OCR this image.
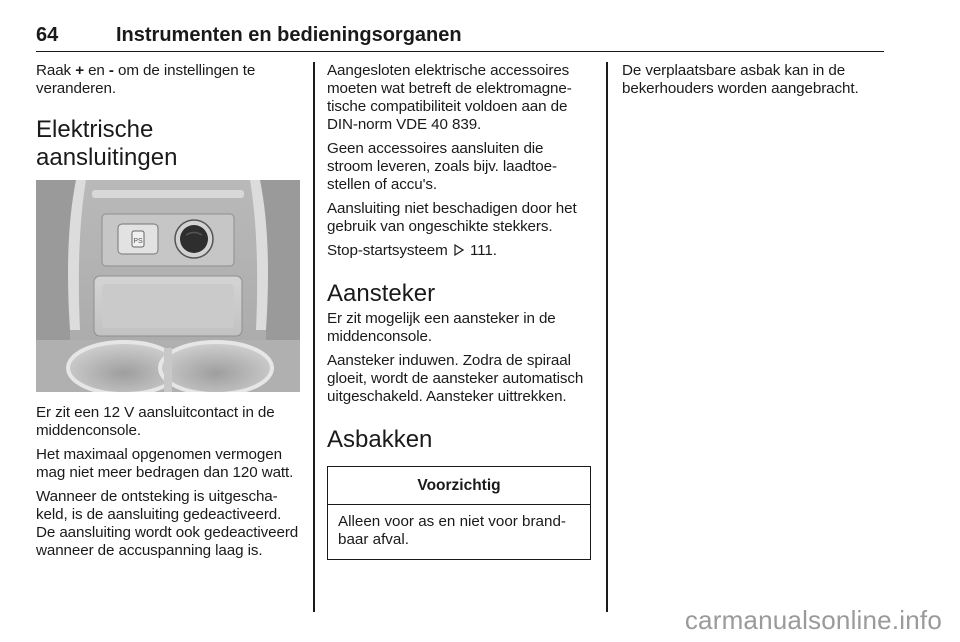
64	Instrumenten en bedieningsorganen

Raak + en - om de instellingen te veranderen.

Elektrische aansluitingen
PS

Er zit een 12 V aansluitcontact in de middenconsole.

Het maximaal opgenomen vermogen mag niet meer bedragen dan 120 watt.

Wanneer de ontsteking is uitgeschakeld, is de aansluiting gedeactiveerd. De aansluiting wordt ook gedeactiveerd wanneer de accuspanning laag is.

Aangesloten elektrische accessoires moeten wat betreft de elektromagnetische compatibiliteit voldoen aan de DIN-norm VDE 40 839.

Geen accessoires aansluiten die stroom leveren, zoals bijv. laadtoestellen of accu's.

Aansluiting niet beschadigen door het gebruik van ongeschikte stekkers.

Stop-startsysteem 111.

Aansteker

Er zit mogelijk een aansteker in de middenconsole.

Aansteker induwen. Zodra de spiraal gloeit, wordt de aansteker automatisch uitgeschakeld. Aansteker uittrekken.

Asbakken
Voorzichtig
Alleen voor as en niet voor brandbaar afval.

De verplaatsbare asbak kan in de bekerhouders worden aangebracht.

carmanualsonline.info
